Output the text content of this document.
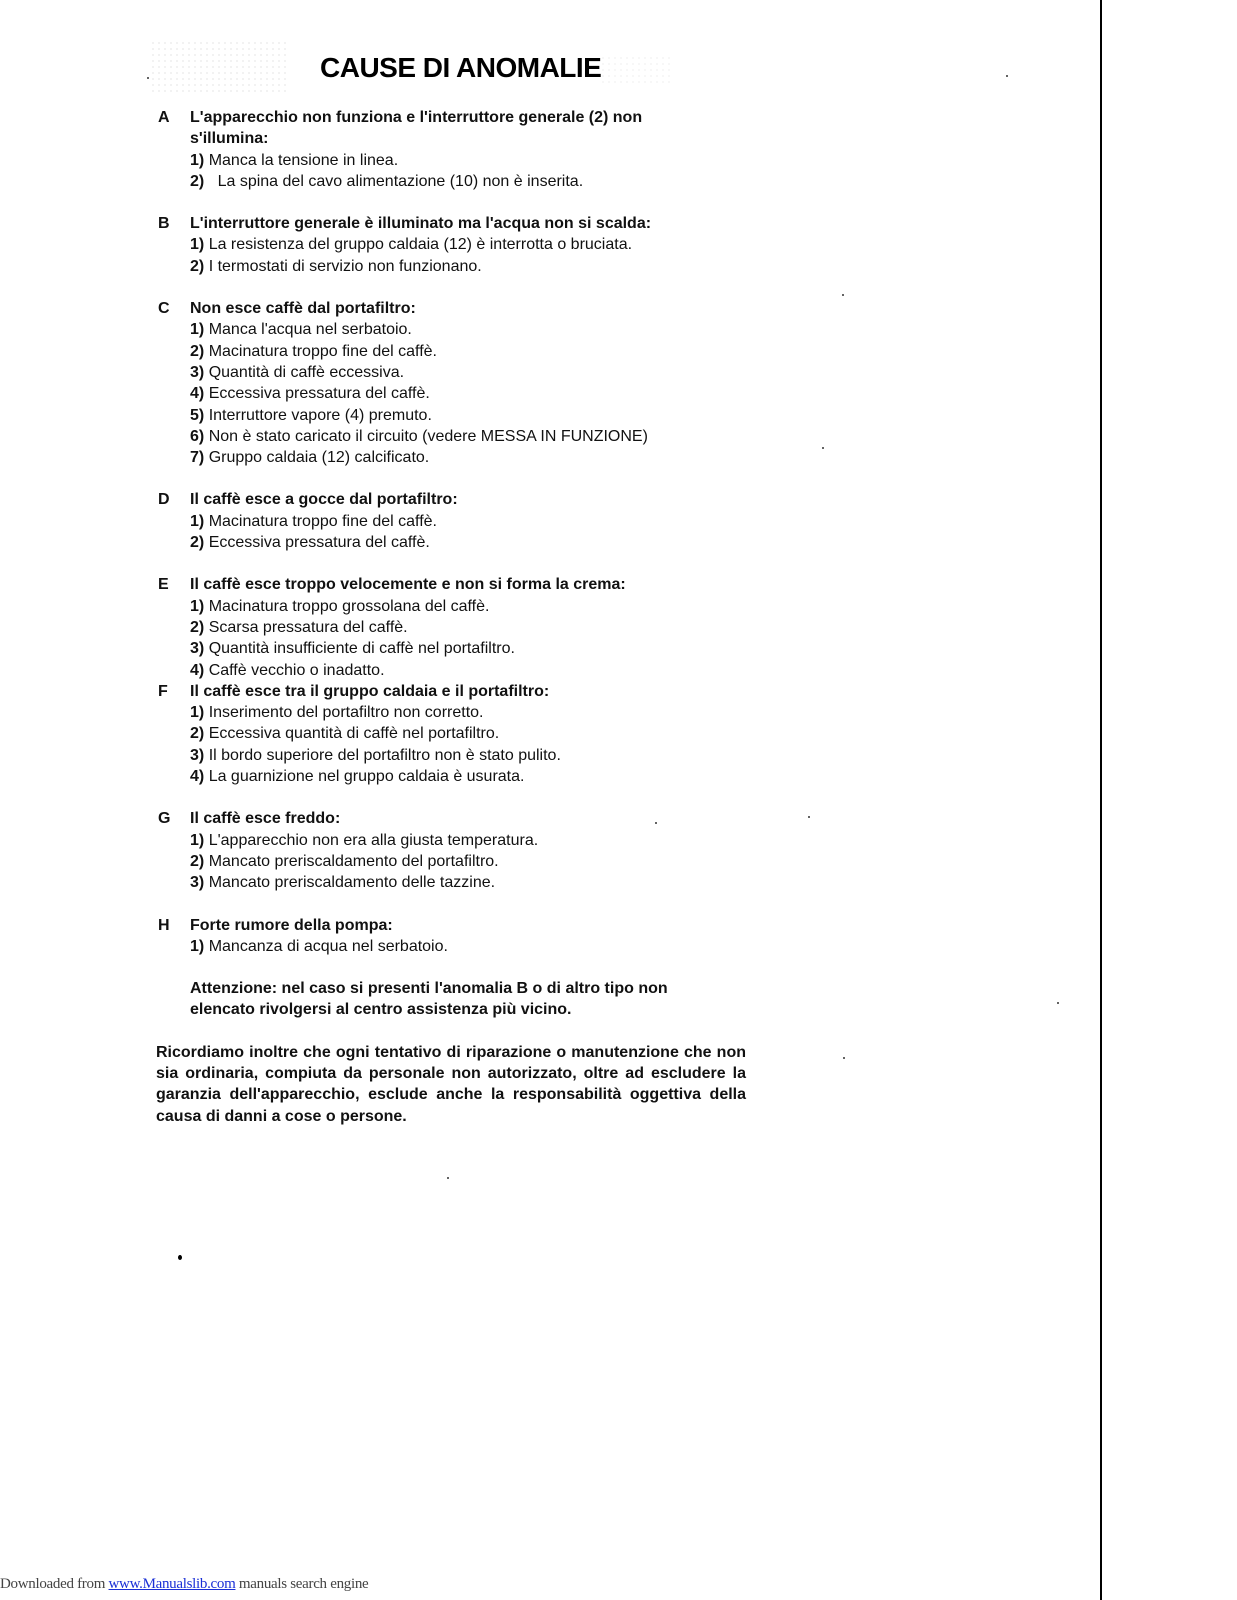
CAUSE DI ANOMALIE
A	L'apparecchio non funziona e l'interruttore generale (2) non s'illumina:
1) Manca la tensione in linea.
2) La spina del cavo alimentazione (10) non è inserita.
B	L'interruttore generale è illuminato ma l'acqua non si scalda:
1) La resistenza del gruppo caldaia (12) è interrotta o bruciata.
2) I termostati di servizio non funzionano.
C	Non esce caffè dal portafiltro:
1) Manca l'acqua nel serbatoio.
2) Macinatura troppo fine del caffè.
3) Quantità di caffè eccessiva.
4) Eccessiva pressatura del caffè.
5) Interruttore vapore (4) premuto.
6) Non è stato caricato il circuito (vedere MESSA IN FUNZIONE)
7) Gruppo caldaia (12) calcificato.
D	Il caffè esce a gocce dal portafiltro:
1) Macinatura troppo fine del caffè.
2) Eccessiva pressatura del caffè.
E	Il caffè esce troppo velocemente e non si forma la crema:
1) Macinatura troppo grossolana del caffè.
2) Scarsa pressatura del caffè.
3) Quantità insufficiente di caffè nel portafiltro.
4) Caffè vecchio o inadatto.
F	Il caffè esce tra il gruppo caldaia e il portafiltro:
1) Inserimento del portafiltro non corretto.
2) Eccessiva quantità di caffè nel portafiltro.
3) Il bordo superiore del portafiltro non è stato pulito.
4) La guarnizione nel gruppo caldaia è usurata.
G	Il caffè esce freddo:
1) L'apparecchio non era alla giusta temperatura.
2) Mancato preriscaldamento del portafiltro.
3) Mancato preriscaldamento delle tazzine.
H	Forte rumore della pompa:
1) Mancanza di acqua nel serbatoio.
Attenzione: nel caso si presenti l'anomalia B o di altro tipo non elencato rivolgersi al centro assistenza più vicino.
Ricordiamo inoltre che ogni tentativo di riparazione o manutenzione che non sia ordinaria, compiuta da personale non autorizzato, oltre ad escludere la garanzia dell'apparecchio, esclude anche la responsabilità oggettiva della causa di danni a cose o persone.
Downloaded from www.Manualslib.com manuals search engine
